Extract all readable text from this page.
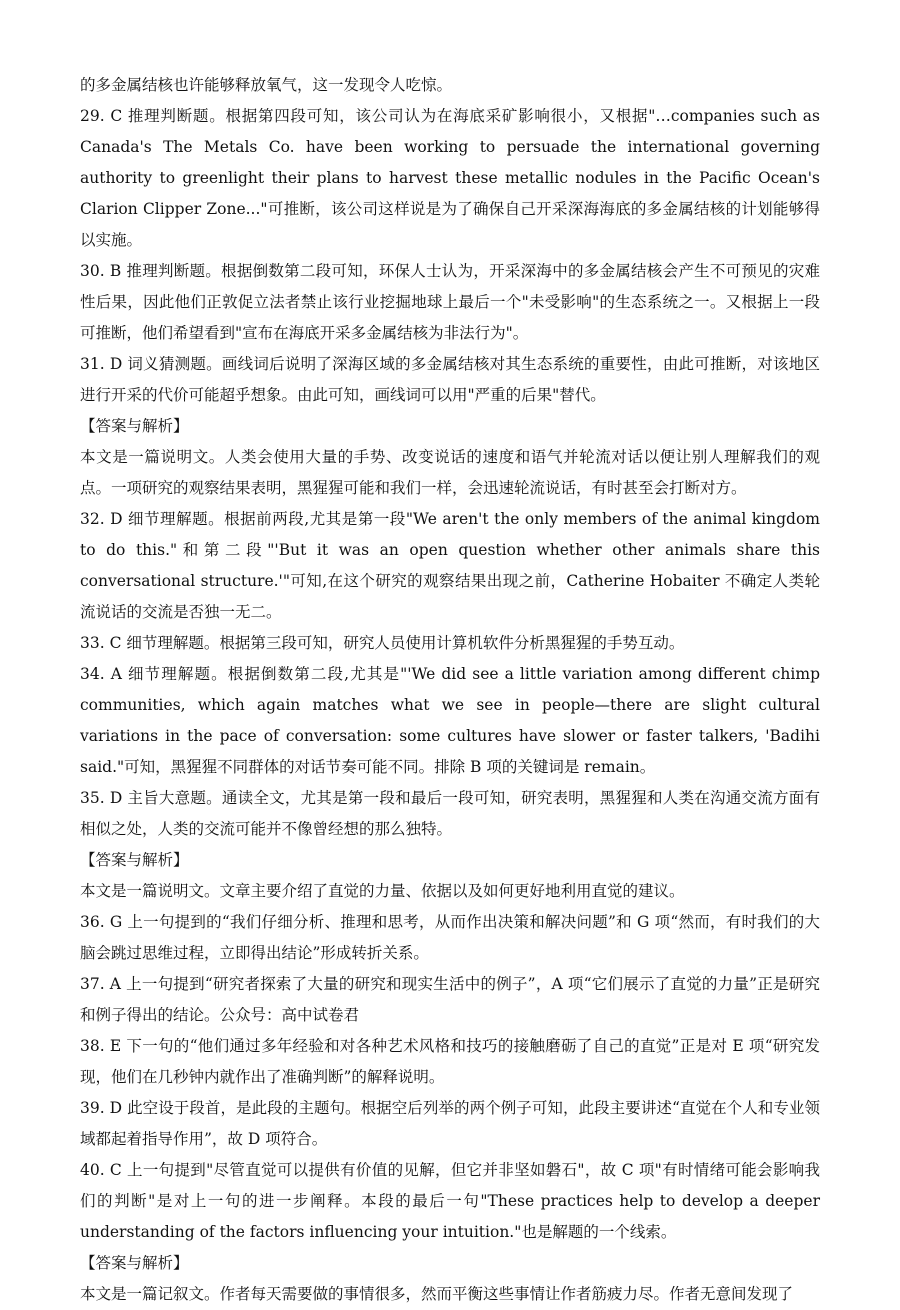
的多金属结核也许能够释放氧气，这一发现令人吃惊。

29. C 推理判断题。根据第四段可知，该公司认为在海底采矿影响很小，又根据"…companies such as Canada's The Metals Co. have been working to persuade the international governing authority to greenlight their plans to harvest these metallic nodules in the Pacific Ocean's Clarion Clipper Zone..."可推断，该公司这样说是为了确保自己开采深海海底的多金属结核的计划能够得以实施。

30. B 推理判断题。根据倒数第二段可知，环保人士认为，开采深海中的多金属结核会产生不可预见的灾难性后果，因此他们正敦促立法者禁止该行业挖掘地球上最后一个"未受影响"的生态系统之一。又根据上一段可推断，他们希望看到"宣布在海底开采多金属结核为非法行为"。

31. D 词义猜测题。画线词后说明了深海区域的多金属结核对其生态系统的重要性，由此可推断，对该地区进行开采的代价可能超乎想象。由此可知，画线词可以用"严重的后果"替代。

【答案与解析】

本文是一篇说明文。人类会使用大量的手势、改变说话的速度和语气并轮流对话以便让别人理解我们的观点。一项研究的观察结果表明，黑猩猩可能和我们一样，会迅速轮流说话，有时甚至会打断对方。

32. D 细节理解题。根据前两段,尤其是第一段"We aren't the only members of the animal kingdom to do this."和第二段"'But it was an open question whether other animals share this conversational structure.'"可知,在这个研究的观察结果出现之前，Catherine Hobaiter 不确定人类轮流说话的交流是否独一无二。

33. C 细节理解题。根据第三段可知，研究人员使用计算机软件分析黑猩猩的手势互动。

34. A 细节理解题。根据倒数第二段,尤其是"'We did see a little variation among different chimp communities, which again matches what we see in people—there are slight cultural variations in the pace of conversation: some cultures have slower or faster talkers, 'Badihi said."可知，黑猩猩不同群体的对话节奏可能不同。排除 B 项的关键词是 remain。

35. D 主旨大意题。通读全文，尤其是第一段和最后一段可知，研究表明，黑猩猩和人类在沟通交流方面有相似之处，人类的交流可能并不像曾经想的那么独特。

【答案与解析】

本文是一篇说明文。文章主要介绍了直觉的力量、依据以及如何更好地利用直觉的建议。

36. G 上一句提到的“我们仔细分析、推理和思考，从而作出决策和解决问题”和 G 项“然而，有时我们的大脑会跳过思维过程，立即得出结论”形成转折关系。

37. A 上一句提到“研究者探索了大量的研究和现实生活中的例子”，A 项“它们展示了直觉的力量”正是研究和例子得出的结论。公众号：高中试卷君

38. E 下一句的“他们通过多年经验和对各种艺术风格和技巧的接触磨砺了自己的直觉”正是对 E 项“研究发现，他们在几秒钟内就作出了准确判断”的解释说明。

39. D 此空设于段首，是此段的主题句。根据空后列举的两个例子可知，此段主要讲述“直觉在个人和专业领域都起着指导作用”，故 D 项符合。

40. C 上一句提到"尽管直觉可以提供有价值的见解，但它并非坚如磐石"，故 C 项"有时情绪可能会影响我们的判断"是对上一句的进一步阐释。本段的最后一句"These practices help to develop a deeper understanding of the factors influencing your intuition."也是解题的一个线索。

【答案与解析】

本文是一篇记叙文。作者每天需要做的事情很多，然而平衡这些事情让作者筋疲力尽。作者无意间发现了
